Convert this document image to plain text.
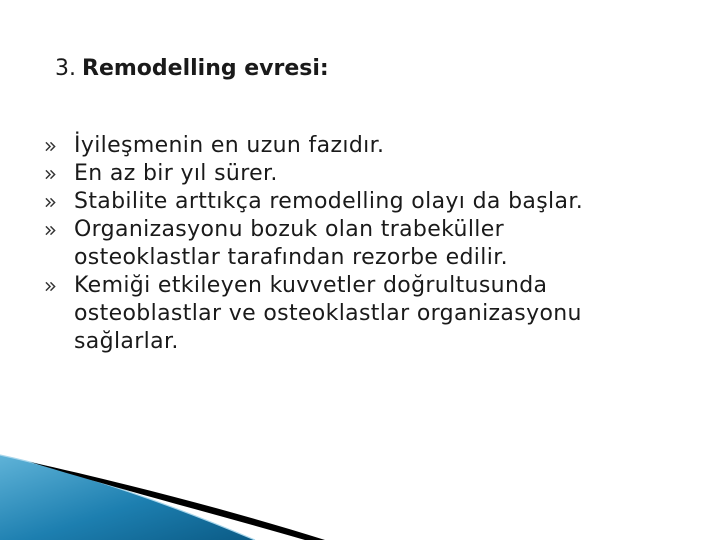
3. Remodelling evresi:
İyileşmenin en uzun fazıdır.
En az bir yıl sürer.
Stabilite arttıkça remodelling olayı da başlar.
Organizasyonu bozuk olan trabeküller
osteoklastlar tarafından rezorbe edilir.
Kemiği etkileyen kuvvetler doğrultusunda
osteoblastlar ve osteoklastlar organizasyonu
sağlarlar.
